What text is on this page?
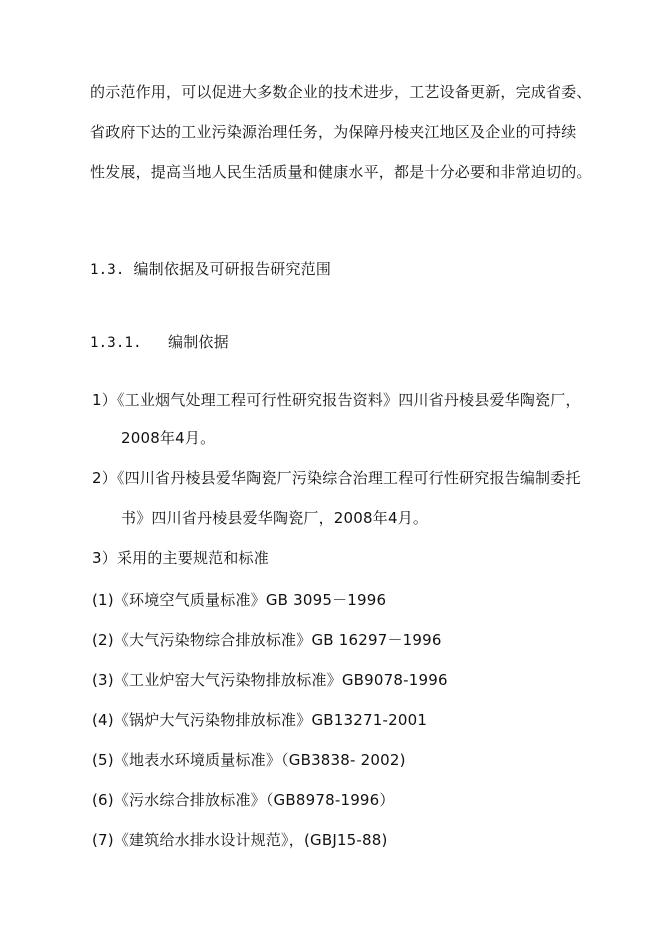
的示范作用，可以促进大多数企业的技术进步，工艺设备更新，完成省委、
省政府下达的工业污染源治理任务，为保障丹棱夹江地区及企业的可持续
性发展，提高当地人民生活质量和健康水平，都是十分必要和非常迫切的。
1.3. 编制依据及可研报告研究范围
1.3.1. 编制依据
1）《工业烟气处理工程可行性研究报告资料》四川省丹棱县爱华陶瓷厂，
2008年4月。
2）《四川省丹棱县爱华陶瓷厂污染综合治理工程可行性研究报告编制委托
书》四川省丹棱县爱华陶瓷厂，2008年4月。
3）采用的主要规范和标准
(1)《环境空气质量标准》GB 3095－1996
(2)《大气污染物综合排放标准》GB 16297－1996
(3)《工业炉窑大气污染物排放标准》GB9078-1996
(4)《锅炉大气污染物排放标准》GB13271-2001
(5)《地表水环境质量标准》（GB3838- 2002)
(6)《污水综合排放标准》（GB8978-1996）
(7)《建筑给水排水设计规范》，(GBJ15-88)
